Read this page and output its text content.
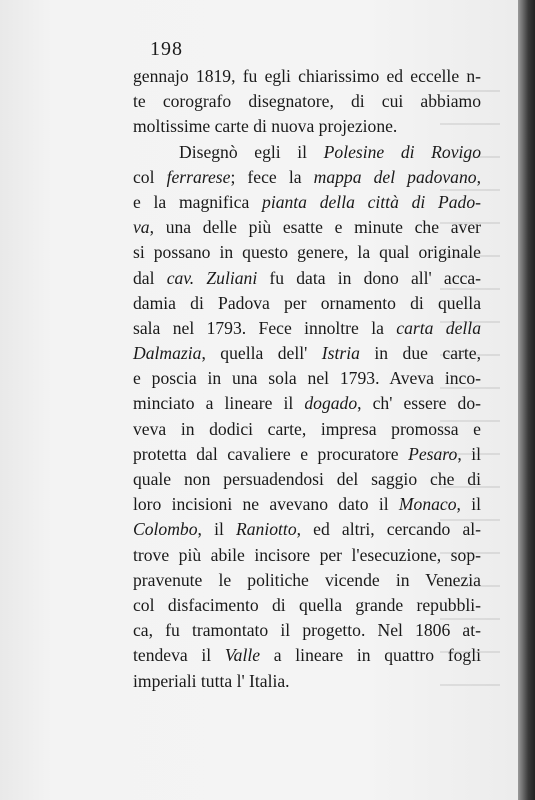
198
gennajo 1819, fu egli chiarissimo ed eccelle n-
te corografo disegnatore, di cui abbiamo
moltissime carte di nuova projezione.
Disegnò egli il Polesine di Rovigo
col ferrarese; fece la mappa del padovano,
e la magnifica pianta della città di Pado-
va, una delle più esatte e minute che aver
si possano in questo genere, la qual originale
dal cav. Zuliani fu data in dono all' acca-
damia di Padova per ornamento di quella
sala nel 1793. Fece innoltre la carta della
Dalmazia, quella dell' Istria in due carte,
e poscia in una sola nel 1793. Aveva inco-
minciato a lineare il dogado, ch' essere do-
veva in dodici carte, impresa promossa e
protetta dal cavaliere e procuratore Pesaro, il
quale non persuadendosi del saggio che di
loro incisioni ne avevano dato il Monaco, il
Colombo, il Raniotto, ed altri, cercando al-
trove più abile incisore per l'esecuzione, sop-
pravenute le politiche vicende in Venezia
col disfacimento di quella grande repubbli-
ca, fu tramontato il progetto. Nel 1806 at-
tendeva il Valle a lineare in quattro fogli
imperiali tutta l' Italia.
